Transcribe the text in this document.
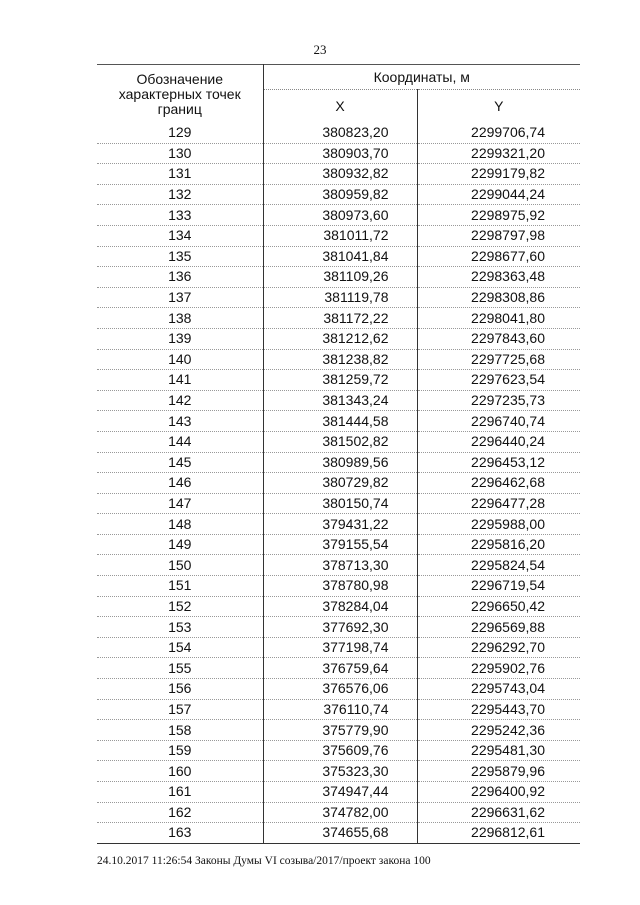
23
Обозначение характерных точек границ	Координаты, м	
	X	Y
129	380823,20	2299706,74
130	380903,70	2299321,20
131	380932,82	2299179,82
132	380959,82	2299044,24
133	380973,60	2298975,92
134	381011,72	2298797,98
135	381041,84	2298677,60
136	381109,26	2298363,48
137	381119,78	2298308,86
138	381172,22	2298041,80
139	381212,62	2297843,60
140	381238,82	2297725,68
141	381259,72	2297623,54
142	381343,24	2297235,73
143	381444,58	2296740,74
144	381502,82	2296440,24
145	380989,56	2296453,12
146	380729,82	2296462,68
147	380150,74	2296477,28
148	379431,22	2295988,00
149	379155,54	2295816,20
150	378713,30	2295824,54
151	378780,98	2296719,54
152	378284,04	2296650,42
153	377692,30	2296569,88
154	377198,74	2296292,70
155	376759,64	2295902,76
156	376576,06	2295743,04
157	376110,74	2295443,70
158	375779,90	2295242,36
159	375609,76	2295481,30
160	375323,30	2295879,96
161	374947,44	2296400,92
162	374782,00	2296631,62
163	374655,68	2296812,61
24.10.2017 11:26:54 Законы Думы VI созыва/2017/проект закона 100
